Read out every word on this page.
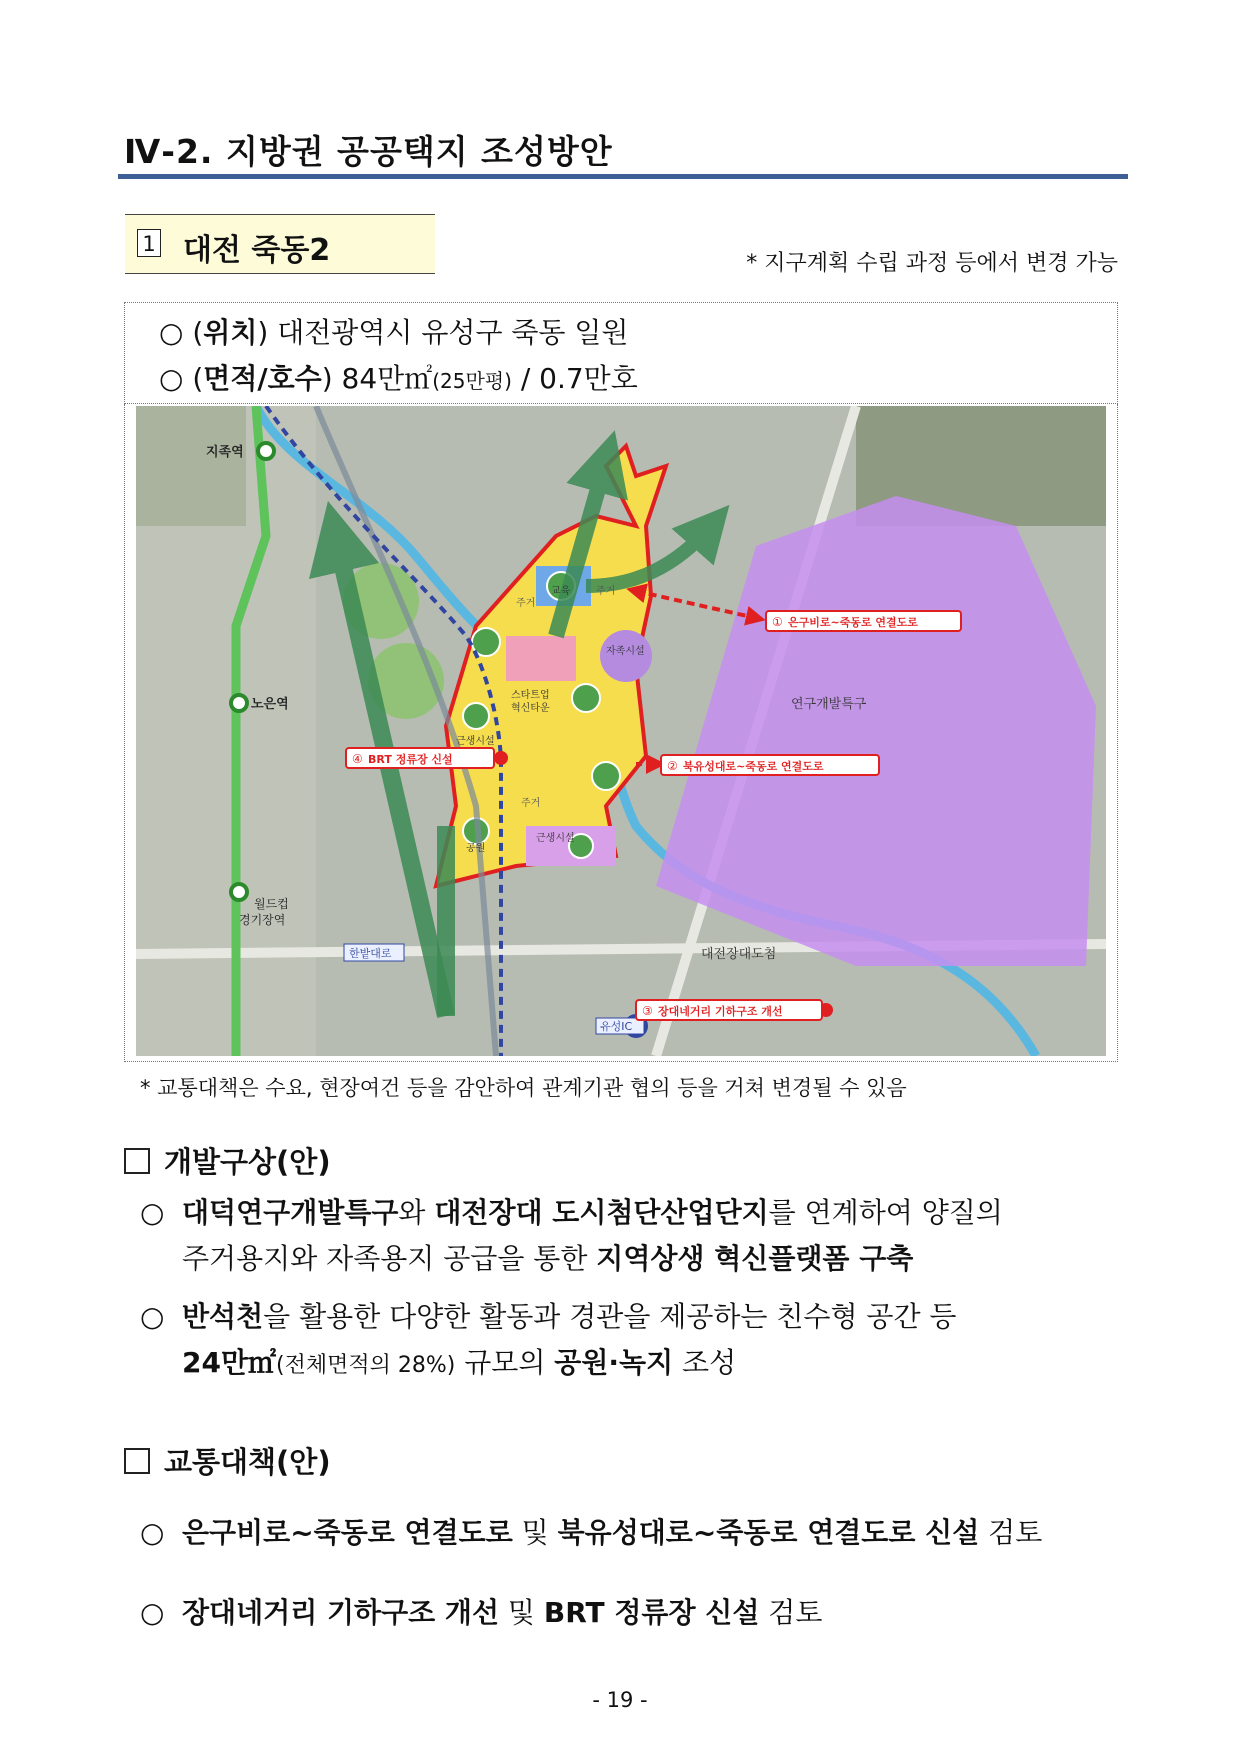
Ⅳ-2. 지방권 공공택지 조성방안
1 대전 죽동2	* 지구계획 수립 과정 등에서 변경 가능
○ (위치) 대전광역시 유성구 죽동 일원
○ (면적/호수) 84만㎡(25만평) / 0.7만호
지족역
노은역
월드컵
경기장역
한밭대로
유성IC
연구개발특구
대전장대도첨
주거
주거
주거
스타트업
혁신타운
교육
공원
자족시설
근생시설
근생시설
① 은구비로~죽동로 연결도로
② 북유성대로~죽동로 연결도로
③ 장대네거리 기하구조 개선
④ BRT 정류장 신설
* 교통대책은 수요, 현장여건 등을 감안하여 관계기관 협의 등을 거쳐 변경될 수 있음
개발구상(안)
○ 대덕연구개발특구와 대전장대 도시첨단산업단지를 연계하여 양질의
주거용지와 자족용지 공급을 통한 지역상생 혁신플랫폼 구축
○ 반석천을 활용한 다양한 활동과 경관을 제공하는 친수형 공간 등
24만㎡(전체면적의 28%) 규모의 공원·녹지 조성
교통대책(안)
○ 은구비로~죽동로 연결도로 및 북유성대로~죽동로 연결도로 신설 검토
○ 장대네거리 기하구조 개선 및 BRT 정류장 신설 검토
- 19 -
